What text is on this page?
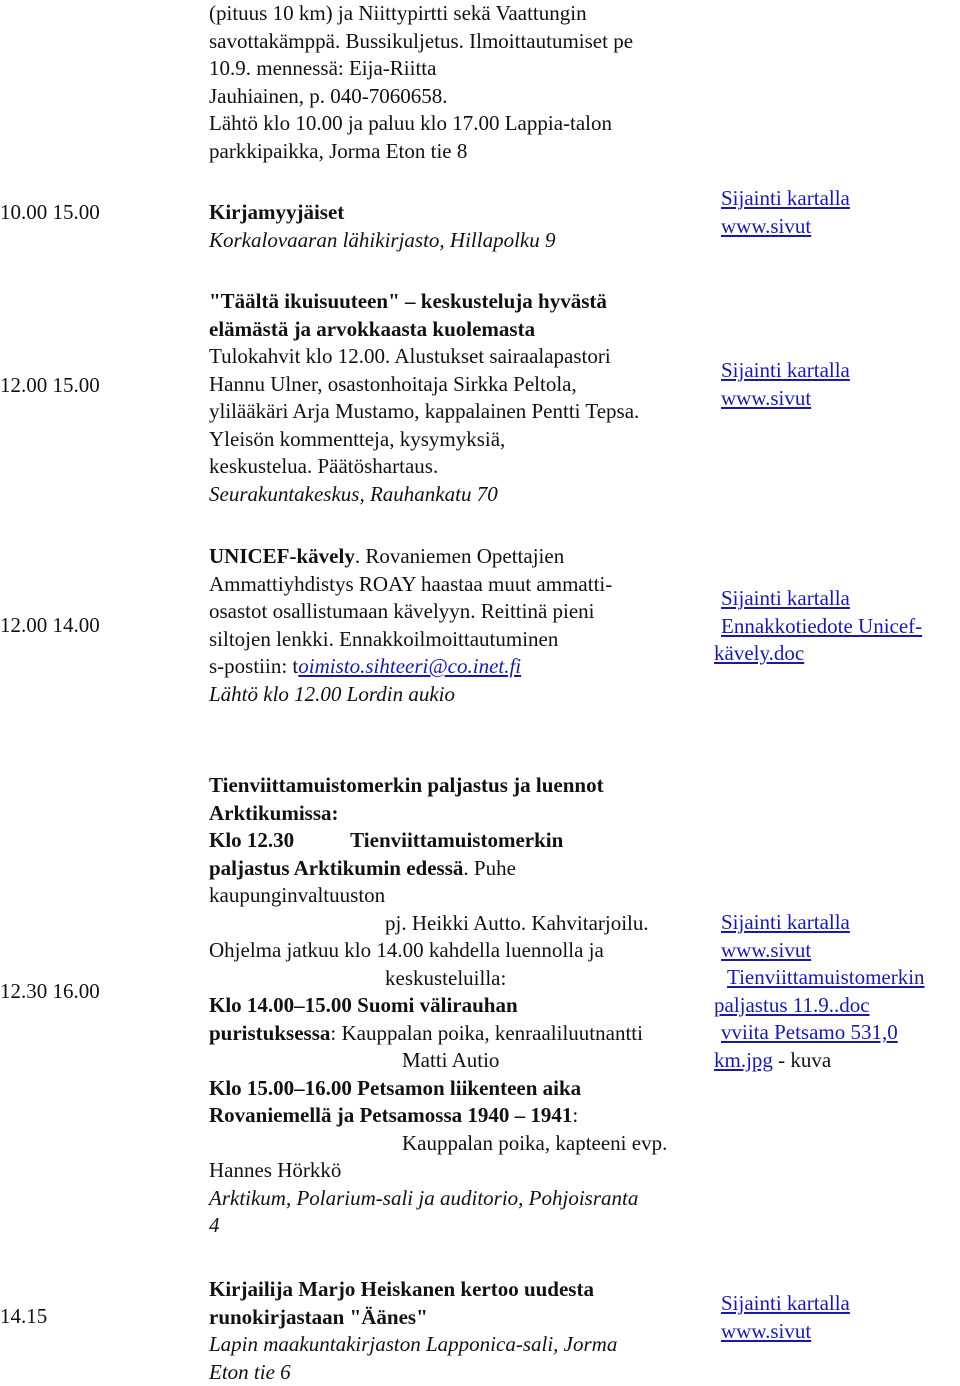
(pituus 10 km) ja Niittypirtti sekä Vaattungin
savottakämppä. Bussikuljetus. Ilmoittautumiset pe
10.9. mennessä: Eija-Riitta
Jauhiainen, p. 040-7060658.
Lähtö klo 10.00 ja paluu klo 17.00 Lappia-talon
parkkipaikka, Jorma Eton tie 8
10.00 15.00	Kirjamyyjäiset
Korkalovaaran lähikirjasto, Hillapolku 9
Sijainti kartalla
www.sivut
12.00 15.00
"Täältä ikuisuuteen" – keskusteluja hyvästä
elämästä ja arvokkaasta kuolemasta
Tulokahvit klo 12.00. Alustukset sairaalapastori
Hannu Ulner, osastonhoitaja Sirkka Peltola,
ylilääkäri Arja Mustamo, kappalainen Pentti Tepsa.
Yleisön kommentteja, kysymyksiä,
keskustelua. Päätöshartaus.
Seurakuntakeskus, Rauhankatu 70
Sijainti kartalla
www.sivut
12.00 14.00
UNICEF-kävely. Rovaniemen Opettajien
Ammattiyhdistys ROAY haastaa muut ammatti-
osastot osallistumaan kävelyyn. Reittinä pieni
siltojen lenkki. Ennakkoilmoittautuminen
s-postiin: toimisto.sihteeri@co.inet.fi
Lähtö klo 12.00 Lordin aukio
Sijainti kartalla
Ennakkotiedote Unicef-
kävely.doc
12.30 16.00
Tienviittamuistomerkin paljastus ja luennot
Arktikumissa:
Klo 12.30	Tienviittamuistomerkin
paljastus Arktikumin edessä. Puhe
kaupunginvaltuuston
pj. Heikki Autto. Kahvitarjoilu.
Ohjelma jatkuu klo 14.00 kahdella luennolla ja
keskusteluilla:
Klo 14.00–15.00 Suomi välirauhan
puristuksessa: Kauppalan poika, kenraaliluutnantti
Matti Autio
Klo 15.00–16.00 Petsamon liikenteen aika
Rovaniemellä ja Petsamossa 1940 – 1941:
Kauppalan poika, kapteeni evp.
Hannes Hörkkö
Arktikum, Polarium-sali ja auditorio, Pohjoisranta
4
Sijainti kartalla
www.sivut
Tienviittamuistomerkin
paljastus 11.9..doc
vviita Petsamo 531,0
km.jpg - kuva
14.15
Kirjailija Marjo Heiskanen kertoo uudesta
runokirjastaan "Äänes"
Lapin maakuntakirjaston Lapponica-sali, Jorma
Eton tie 6
Sijainti kartalla
www.sivut
